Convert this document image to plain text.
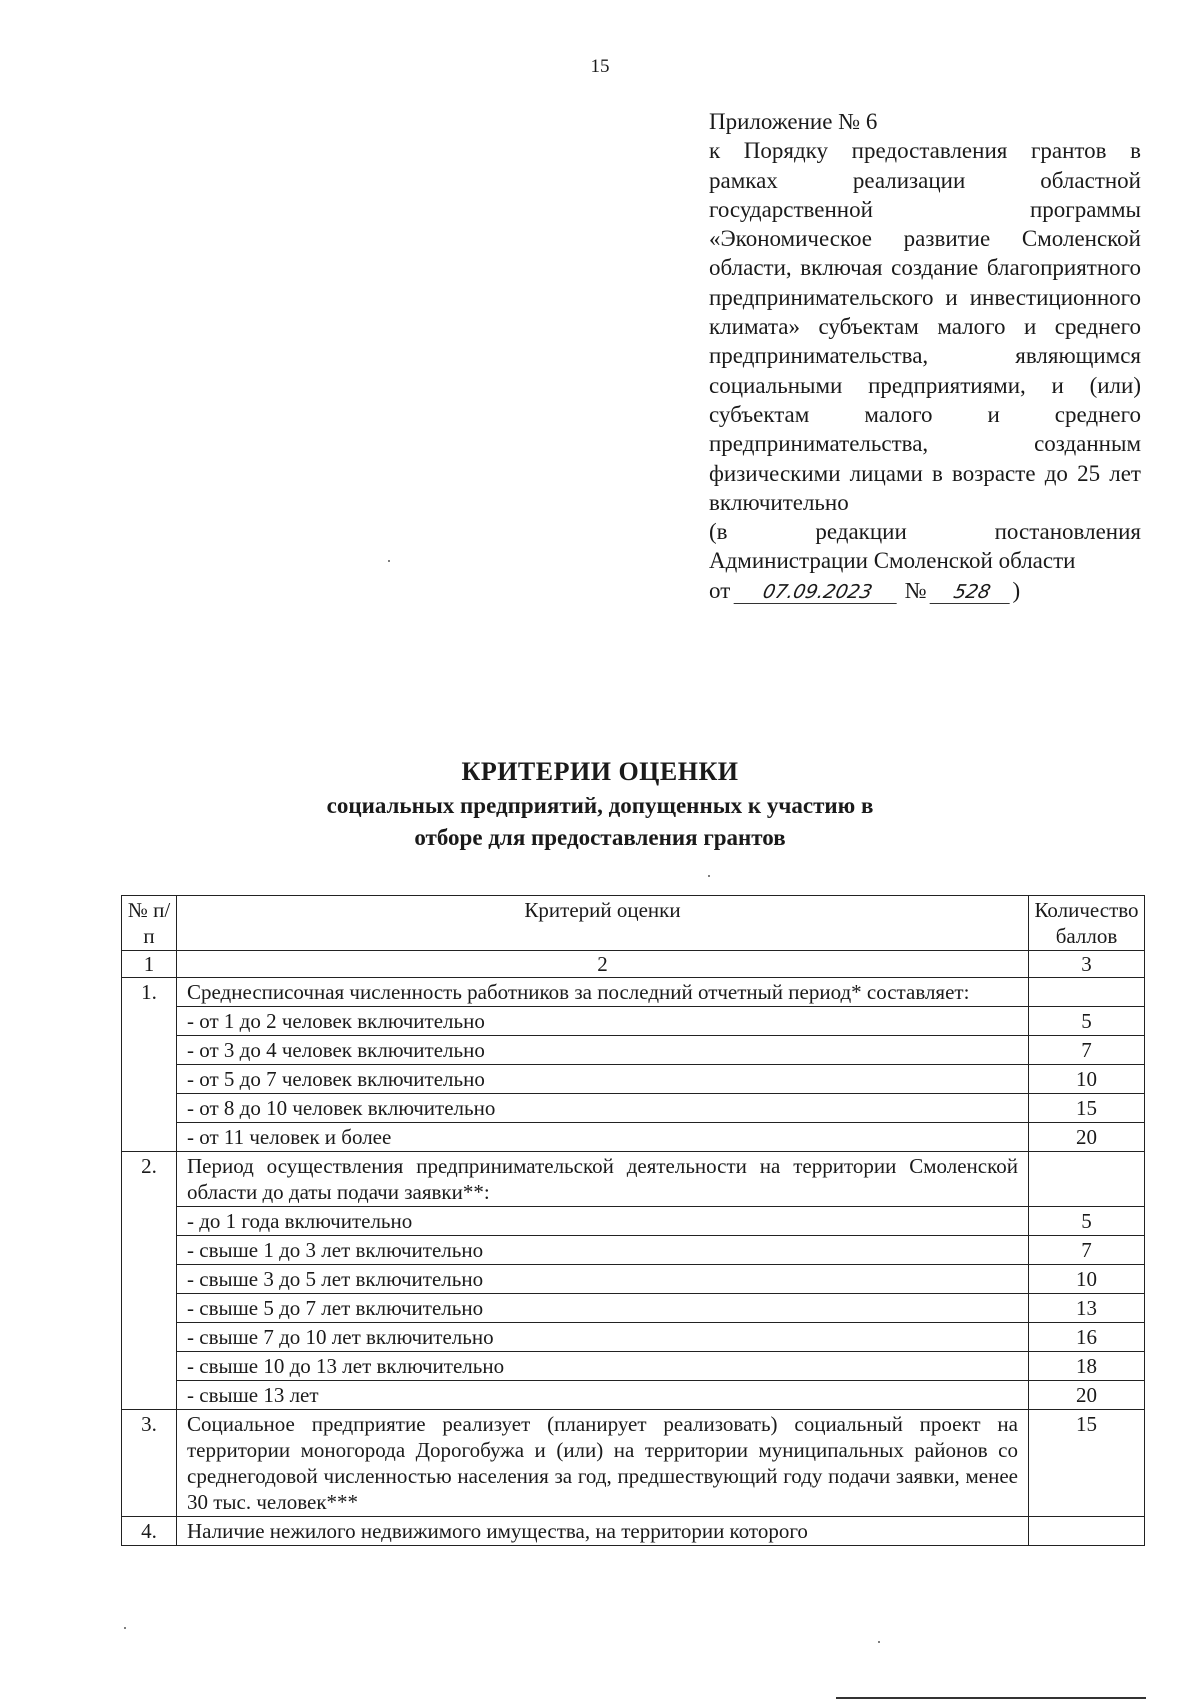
15

Приложение № 6

к Порядку предоставления грантов в рамках реализации областной государственной программы «Экономическое развитие Смоленской области, включая создание благоприятного предпринимательского и инвестиционного климата» субъектам малого и среднего предпринимательства, являющимся социальными предприятиями, и (или) субъектам малого и среднего предпринимательства, созданным физическими лицами в возрасте до 25 лет включительно

(в редакции постановления Администрации Смоленской области

от 07.09.2023 № 528 )

КРИТЕРИИ ОЦЕНКИ
социальных предприятий, допущенных к участию в
отборе для предоставления грантов
№ п/п	Критерий оценки	Количество баллов
1	2	3
1.	Среднесписочная численность работников за последний отчетный период* составляет:	
	- от 1 до 2 человек включительно	5
	- от 3 до 4 человек включительно	7
	- от 5 до 7 человек включительно	10
	- от 8 до 10 человек включительно	15
	- от 11 человек и более	20
2.	Период осуществления предпринимательской деятельности на территории Смоленской области до даты подачи заявки**:	
	- до 1 года включительно	5
	- свыше 1 до 3 лет включительно	7
	- свыше 3 до 5 лет включительно	10
	- свыше 5 до 7 лет включительно	13
	- свыше 7 до 10 лет включительно	16
	- свыше 10 до 13 лет включительно	18
	- свыше 13 лет	20
3.	Социальное предприятие реализует (планирует реализовать) социальный проект на территории моногорода Дорогобужа и (или) на территории муниципальных районов со среднегодовой численностью населения за год, предшествующий году подачи заявки, менее 30 тыс. человек***	15
4.	Наличие нежилого недвижимого имущества, на территории которого	
